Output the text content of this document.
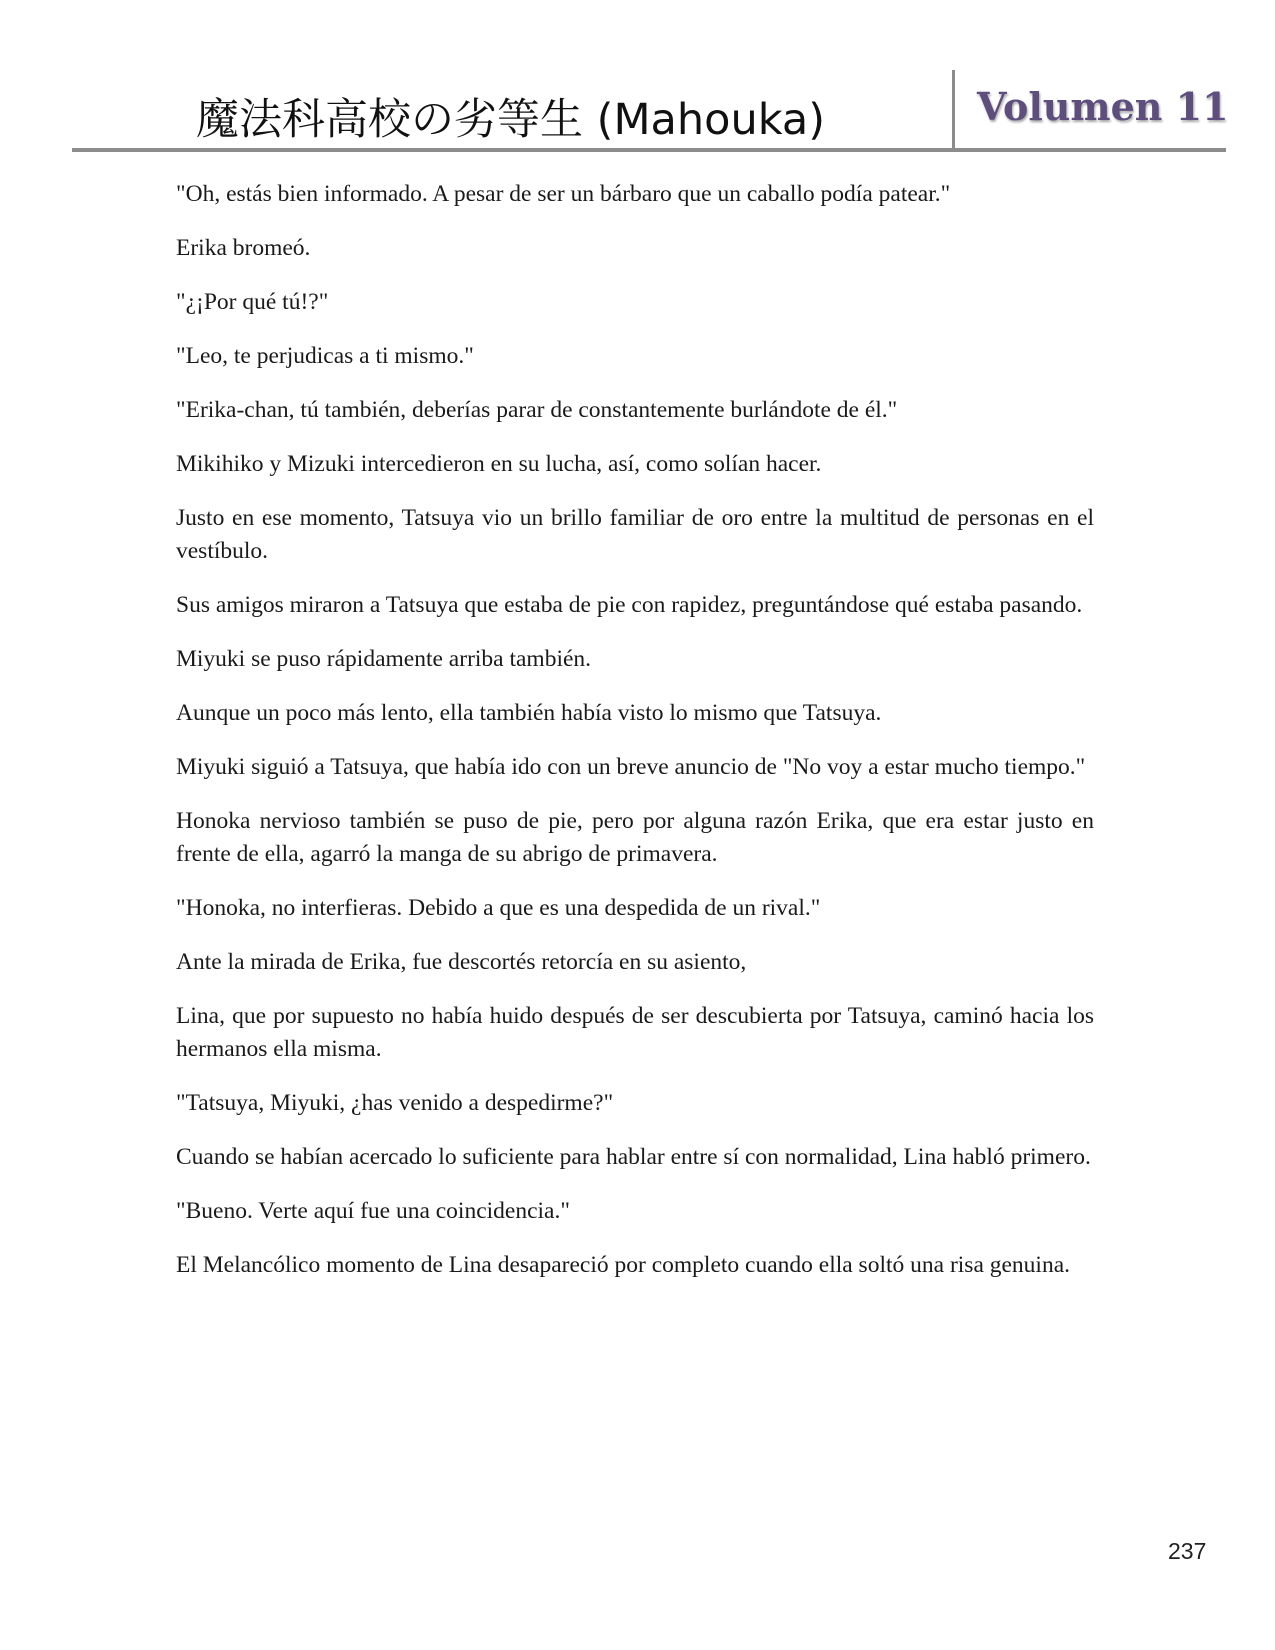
魔法科高校の劣等生 (Mahouka)	Volumen 11

"Oh, estás bien informado. A pesar de ser un bárbaro que un caballo podía patear."

Erika bromeó.

"¿¡Por qué tú!?"

"Leo, te perjudicas a ti mismo."

"Erika-chan, tú también, deberías parar de constantemente burlándote de él."

Mikihiko y Mizuki intercedieron en su lucha, así, como solían hacer.

Justo en ese momento, Tatsuya vio un brillo familiar de oro entre la multitud de personas en el vestíbulo.

Sus amigos miraron a Tatsuya que estaba de pie con rapidez, preguntándose qué estaba pasando.

Miyuki se puso rápidamente arriba también.

Aunque un poco más lento, ella también había visto lo mismo que Tatsuya.

Miyuki siguió a Tatsuya, que había ido con un breve anuncio de "No voy a estar mucho tiempo."

Honoka nervioso también se puso de pie, pero por alguna razón Erika, que era estar justo en frente de ella, agarró la manga de su abrigo de primavera.

"Honoka, no interfieras. Debido a que es una despedida de un rival."

Ante la mirada de Erika, fue descortés retorcía en su asiento,

Lina, que por supuesto no había huido después de ser descubierta por Tatsuya, caminó hacia los hermanos ella misma.

"Tatsuya, Miyuki, ¿has venido a despedirme?"

Cuando se habían acercado lo suficiente para hablar entre sí con normalidad, Lina habló primero.

"Bueno. Verte aquí fue una coincidencia."

El Melancólico momento de Lina desapareció por completo cuando ella soltó una risa genuina.

237
